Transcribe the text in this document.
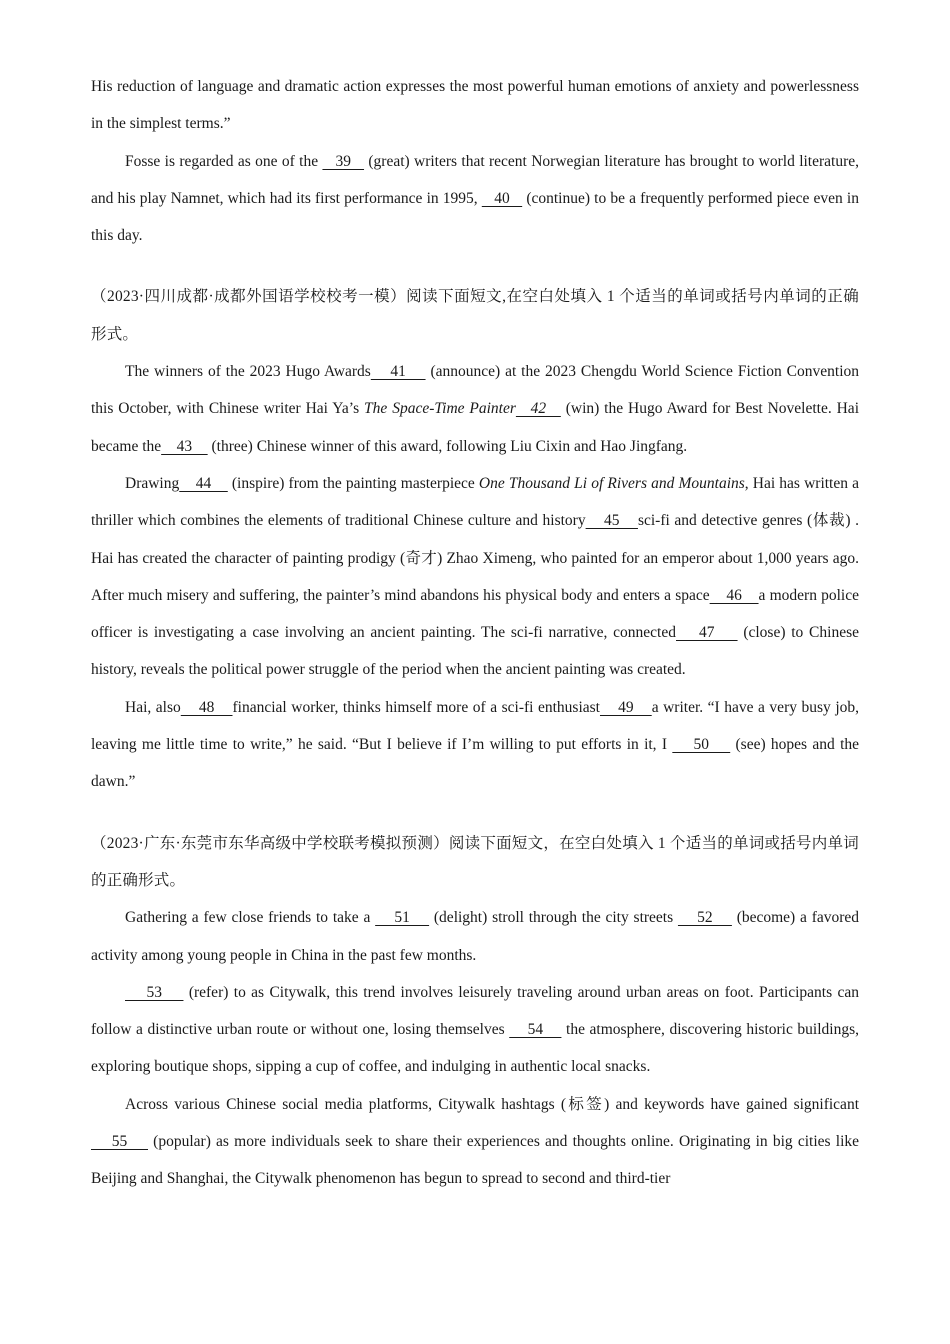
His reduction of language and dramatic action expresses the most powerful human emotions of anxiety and powerlessness in the simplest terms.”

Fosse is regarded as one of the    39    (great) writers that recent Norwegian literature has brought to world literature, and his play Namnet, which had its first performance in 1995,    40    (continue) to be a frequently performed piece even in this day.

（2023·四川成都·成都外国语学校校考一模）阅读下面短文,在空白处填入 1 个适当的单词或括号内单词的正确形式。

The winners of the 2023 Hugo Awards    41     (announce) at the 2023 Chengdu World Science Fiction Convention this October, with Chinese writer Hai Ya’s The Space-Time Painter   42    (win) the Hugo Award for Best Novelette. Hai became the    43     (three) Chinese winner of this award, following Liu Cixin and Hao Jingfang.

Drawing    44     (inspire) from the painting masterpiece One Thousand Li of Rivers and Mountains, Hai has written a thriller which combines the elements of traditional Chinese culture and history    45    sci-fi and detective genres (体裁) . Hai has created the character of painting prodigy (奇才) Zhao Ximeng, who painted for an emperor about 1,000 years ago. After much misery and suffering, the painter’s mind abandons his physical body and enters a space    46    a modern police officer is investigating a case involving an ancient painting. The sci-fi narrative, connected    47     (close) to Chinese history, reveals the political power struggle of the period when the ancient painting was created.

Hai, also    48    financial worker, thinks himself more of a sci-fi enthusiast    49    a writer. “I have a very busy job, leaving me little time to write,” he said. “But I believe if I’m willing to put efforts in it, I     50     (see) hopes and the dawn.”

（2023·广东·东莞市东华高级中学校联考模拟预测）阅读下面短文，在空白处填入 1 个适当的单词或括号内单词的正确形式。

Gathering a few close friends to take a     51     (delight) stroll through the city streets     52     (become) a favored activity among young people in China in the past few months.

53     (refer) to as Citywalk, this trend involves leisurely traveling around urban areas on foot. Participants can follow a distinctive urban route or without one, losing themselves     54     the atmosphere, discovering historic buildings, exploring boutique shops, sipping a cup of coffee, and indulging in authentic local snacks.

Across various Chinese social media platforms, Citywalk hashtags (标签) and keywords have gained significant     55     (popular) as more individuals seek to share their experiences and thoughts online. Originating in big cities like Beijing and Shanghai, the Citywalk phenomenon has begun to spread to second and third-tier
